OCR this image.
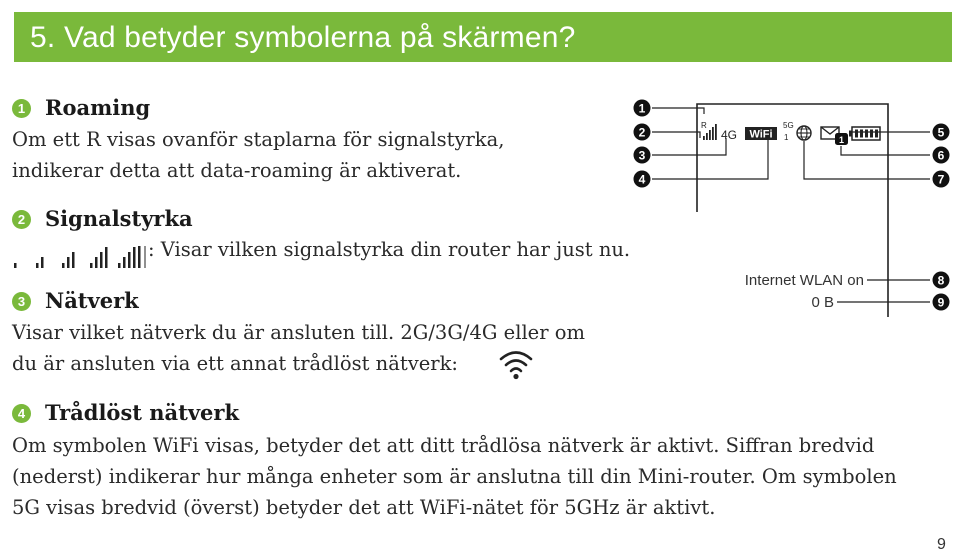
5. Vad betyder symbolerna på skärmen?
1 Roaming
Om ett R visas ovanför staplarna för signalstyrka,
indikerar detta att data-roaming är aktiverat.
2 Signalstyrka
: Visar vilken signalstyrka din router har just nu.
3 Nätverk
Visar vilket nätverk du är ansluten till. 2G/3G/4G eller om
du är ansluten via ett annat trådlöst nätverk:
4 Trådlöst nätverk
Om symbolen WiFi visas, betyder det att ditt trådlösa nätverk är aktivt. Siffran bredvid
(nederst) indikerar hur många enheter som är anslutna till din Mini-router. Om symbolen
5G visas bredvid (överst) betyder det att WiFi-nätet för 5GHz är aktivt.
1
2
3
4
R
4G WiFi
5G
1	1
5
6
7
Internet WLAN on
0 B
8
9
9
